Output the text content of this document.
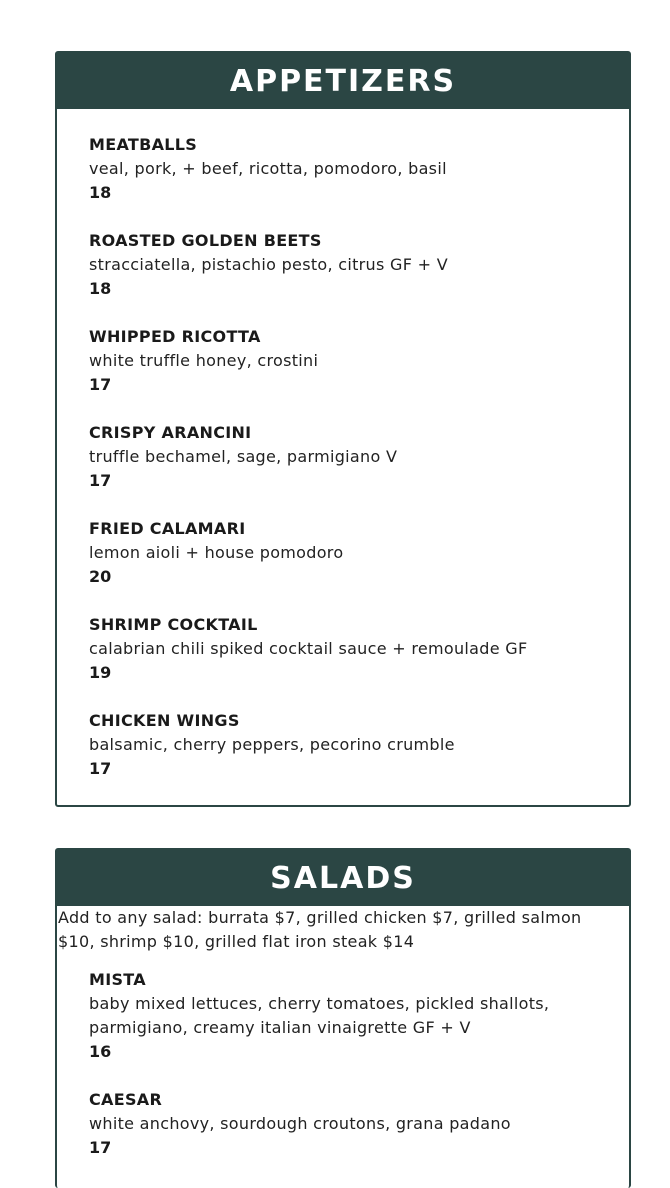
APPETIZERS
MEATBALLS
veal, pork, + beef, ricotta, pomodoro, basil
18
ROASTED GOLDEN BEETS
stracciatella, pistachio pesto, citrus GF + V
18
WHIPPED RICOTTA
white truffle honey, crostini
17
CRISPY ARANCINI
truffle bechamel, sage, parmigiano V
17
FRIED CALAMARI
lemon aioli + house pomodoro
20
SHRIMP COCKTAIL
calabrian chili spiked cocktail sauce + remoulade GF
19
CHICKEN WINGS
balsamic, cherry peppers, pecorino crumble
17
SALADS
Add to any salad: burrata $7, grilled chicken $7, grilled salmon $10, shrimp $10, grilled flat iron steak $14
MISTA
baby mixed lettuces, cherry tomatoes, pickled shallots, parmigiano, creamy italian vinaigrette GF + V
16
CAESAR
white anchovy, sourdough croutons, grana padano
17
